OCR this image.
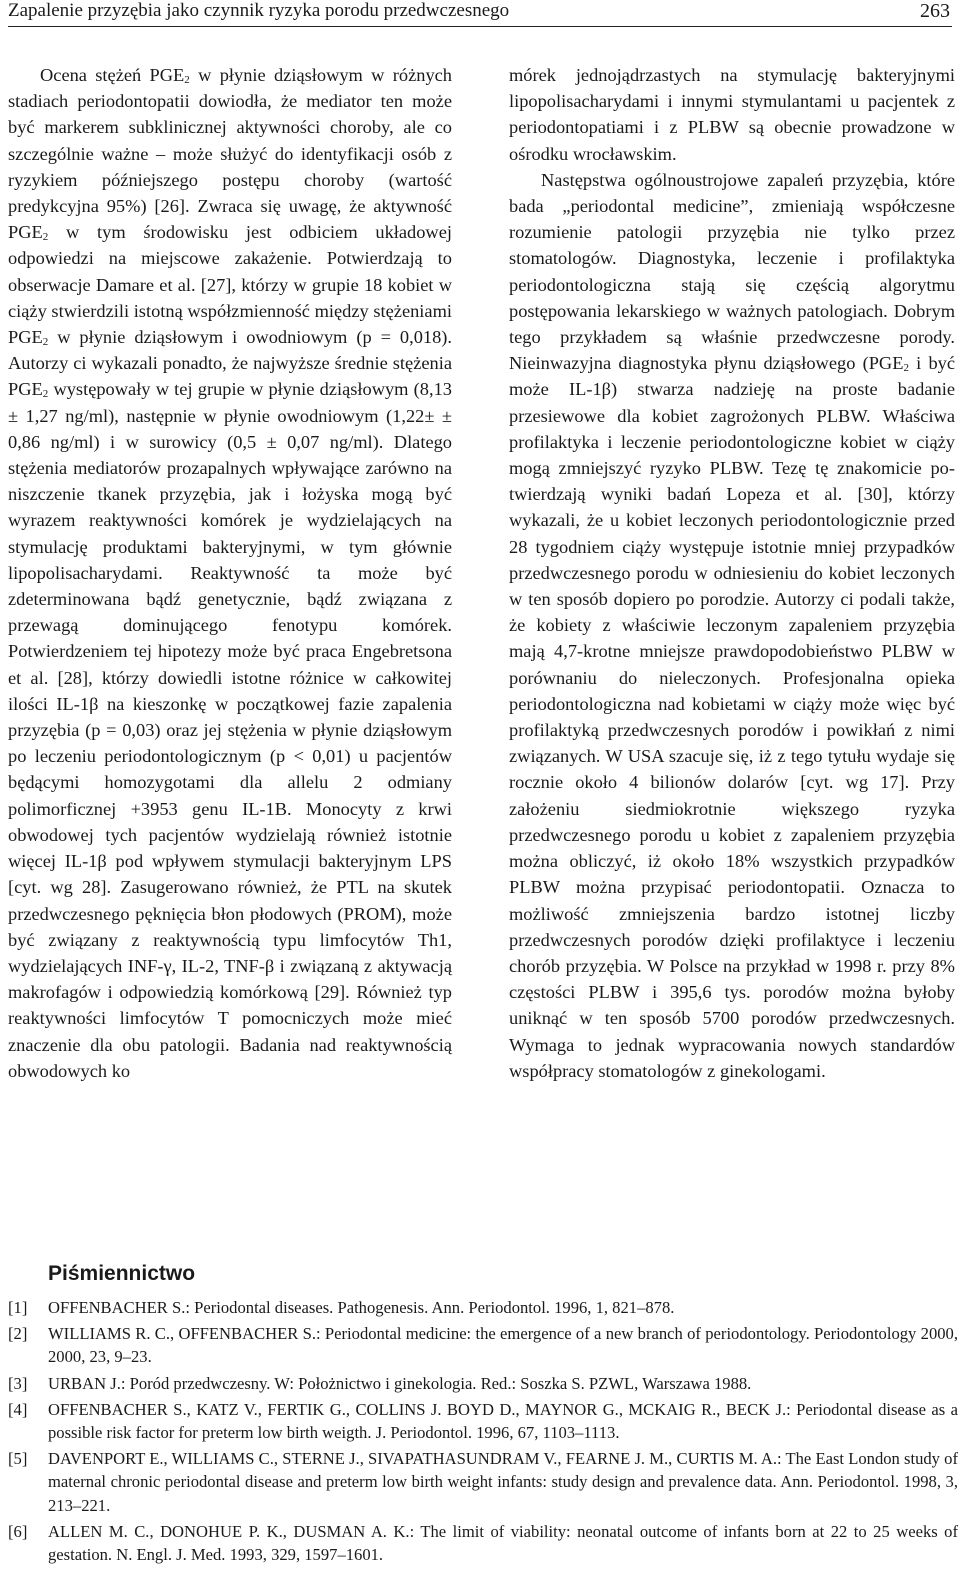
Zapalenie przyzębia jako czynnik ryzyka porodu przedwczesnego	263

Ocena stężeń $PGE_2$ w płynie dziąsłowym w różnych stadiach periodontopatii dowiodła, że mediator ten może być markerem subklinicznej aktywności choroby, ale co szczególnie ważne – może służyć do identyfikacji osób z ryzykiem późniejszego postępu choroby (wartość predykcyjna 95%) [26]. Zwraca się uwagę, że aktywność $PGE_2$ w tym środowisku jest odbiciem układowej odpowiedzi na miejscowe zakażenie. Potwierdzają to obserwacje Damare et al. [27], którzy w grupie 18 kobiet w ciąży stwierdzili istotną współzmienność między stężeniami $PGE_2$ w płynie dziąsłowym i owodniowym (p = 0,018). Autorzy ci wykazali ponadto, że najwyższe średnie stężenia $PGE_2$ występowały w tej grupie w płynie dziąsłowym (8,13 ± 1,27 ng/ml), następnie w płynie owodniowym (1,22± ± 0,86 ng/ml) i w surowicy (0,5 ± 0,07 ng/ml). Dlatego stężenia mediatorów prozapalnych wpływające zarówno na niszczenie tkanek przyzębia, jak i łożyska mogą być wyrazem reaktywności komórek je wydzielających na stymulację produktami bakteryjnymi, w tym głównie lipopolisacharydami. Reaktywność ta może być zdeterminowana bądź genetycznie, bądź związana z przewagą dominującego fenotypu komórek. Potwierdzeniem tej hipotezy może być praca Engebretsona et al. [28], którzy dowiedli istotne różnice w całkowitej ilości IL-1β na kieszonkę w początkowej fazie zapalenia przyzębia (p = 0,03) oraz jej stężenia w płynie dziąsłowym po leczeniu periodontologicznym (p < 0,01) u pacjentów będącymi homozygotami dla allelu 2 odmiany polimorficznej +3953 genu IL-1B. Monocyty z krwi obwodowej tych pacjentów wydzielają również istotnie więcej IL-1β pod wpływem stymulacji bakteryjnym LPS [cyt. wg 28]. Zasugerowano również, że PTL na skutek przedwczesnego pęknięcia błon płodowych (PROM), może być związany z reaktywnością typu limfocytów Th1, wydzielających INF-γ, IL-2, TNF-β i związaną z aktywacją makrofagów i odpowiedzią komórkową [29]. Również typ reaktywności limfocytów T pomocniczych może mieć znaczenie dla obu patologii. Badania nad reaktywnością obwodowych ko

mórek jednojądrzastych na stymulację bakteryjnymi lipopolisacharydami i innymi stymulantami u pacjentek z periodontopatiami i z PLBW są obecnie prowadzone w ośrodku wrocławskim.

Następstwa ogólnoustrojowe zapaleń przyzębia, które bada „periodontal medicine”, zmieniają współczesne rozumienie patologii przyzębia nie tylko przez stomatologów. Diagnostyka, leczenie i profilaktyka periodontologiczna stają się częścią algorytmu postępowania lekarskiego w ważnych patologiach. Dobrym tego przykładem są właśnie przedwczesne porody. Nieinwazyjna diagnostyka płynu dziąsłowego ($PGE_2$ i być może IL-1β) stwarza nadzieję na proste badanie przesiewowe dla kobiet zagrożonych PLBW. Właściwa profilaktyka i leczenie periodontologiczne kobiet w ciąży mogą zmniejszyć ryzyko PLBW. Tezę tę znakomicie potwierdzają wyniki badań Lopeza et al. [30], którzy wykazali, że u kobiet leczonych periodontologicznie przed 28 tygodniem ciąży występuje istotnie mniej przypadków przedwczesnego porodu w odniesieniu do kobiet leczonych w ten sposób dopiero po porodzie. Autorzy ci podali także, że kobiety z właściwie leczonym zapaleniem przyzębia mają 4,7-krotne mniejsze prawdopodobieństwo PLBW w porównaniu do nieleczonych. Profesjonalna opieka periodontologiczna nad kobietami w ciąży może więc być profilaktyką przedwczesnych porodów i powikłań z nimi związanych. W USA szacuje się, iż z tego tytułu wydaje się rocznie około 4 bilionów dolarów [cyt. wg 17]. Przy założeniu siedmiokrotnie większego ryzyka przedwczesnego porodu u kobiet z zapaleniem przyzębia można obliczyć, iż około 18% wszystkich przypadków PLBW można przypisać periodontopatii. Oznacza to możliwość zmniejszenia bardzo istotnej liczby przedwczesnych porodów dzięki profilaktyce i leczeniu chorób przyzębia. W Polsce na przykład w 1998 r. przy 8% częstości PLBW i 395,6 tys. porodów można byłoby uniknąć w ten sposób 5700 porodów przedwczesnych. Wymaga to jednak wypracowania nowych standardów współpracy stomatologów z ginekologami.

Piśmiennictwo
[1] OFFENBACHER S.: Periodontal diseases. Pathogenesis. Ann. Periodontol. 1996, 1, 821–878.
[2] WILLIAMS R. C., OFFENBACHER S.: Periodontal medicine: the emergence of a new branch of periodontology. Periodontology 2000, 2000, 23, 9–23.
[3] URBAN J.: Poród przedwczesny. W: Położnictwo i ginekologia. Red.: Soszka S. PZWL, Warszawa 1988.
[4] OFFENBACHER S., KATZ V., FERTIK G., COLLINS J. BOYD D., MAYNOR G., MCKAIG R., BECK J.: Periodontal disease as a possible risk factor for preterm low birth weigth. J. Periodontol. 1996, 67, 1103–1113.
[5] DAVENPORT E., WILLIAMS C., STERNE J., SIVAPATHASUNDRAM V., FEARNE J. M., CURTIS M. A.: The East London study of maternal chronic periodontal disease and preterm low birth weight infants: study design and prevalence data. Ann. Periodontol. 1998, 3, 213–221.
[6] ALLEN M. C., DONOHUE P. K., DUSMAN A. K.: The limit of viability: neonatal outcome of infants born at 22 to 25 weeks of gestation. N. Engl. J. Med. 1993, 329, 1597–1601.
